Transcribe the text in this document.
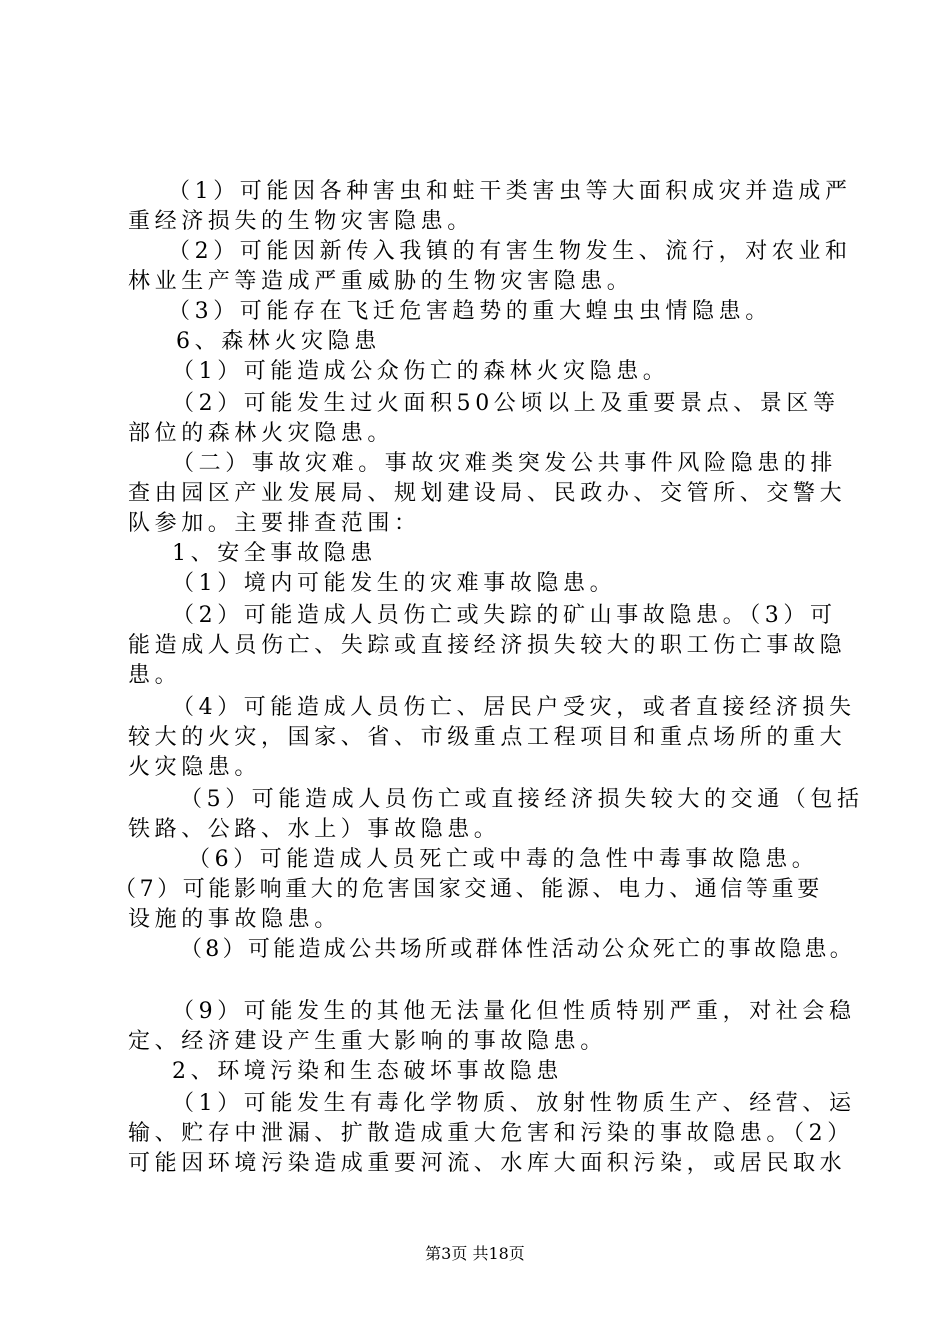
（1）可能因各种害虫和蛀干类害虫等大面积成灾并造成严
重经济损失的生物灾害隐患。
（2）可能因新传入我镇的有害生物发生、流行，对农业和
林业生产等造成严重威胁的生物灾害隐患。
（3）可能存在飞迁危害趋势的重大蝗虫虫情隐患。
6、森林火灾隐患
（1）可能造成公众伤亡的森林火灾隐患。
（2）可能发生过火面积50公顷以上及重要景点、景区等
部位的森林火灾隐患。
（二）事故灾难。事故灾难类突发公共事件风险隐患的排
查由园区产业发展局、规划建设局、民政办、交管所、交警大
队参加。主要排查范围：
1、安全事故隐患
（1）境内可能发生的灾难事故隐患。
（2）可能造成人员伤亡或失踪的矿山事故隐患。（3）可
能造成人员伤亡、失踪或直接经济损失较大的职工伤亡事故隐
患。
（4）可能造成人员伤亡、居民户受灾，或者直接经济损失
较大的火灾，国家、省、市级重点工程项目和重点场所的重大
火灾隐患。
（5）可能造成人员伤亡或直接经济损失较大的交通（包括
铁路、公路、水上）事故隐患。
（6）可能造成人员死亡或中毒的急性中毒事故隐患。
（7）可能影响重大的危害国家交通、能源、电力、通信等重要
设施的事故隐患。
（8）可能造成公共场所或群体性活动公众死亡的事故隐患。
（9）可能发生的其他无法量化但性质特别严重，对社会稳
定、经济建设产生重大影响的事故隐患。
2、环境污染和生态破坏事故隐患
（1）可能发生有毒化学物质、放射性物质生产、经营、运
输、贮存中泄漏、扩散造成重大危害和污染的事故隐患。（2）
可能因环境污染造成重要河流、水库大面积污染，或居民取水
第3页 共18页
